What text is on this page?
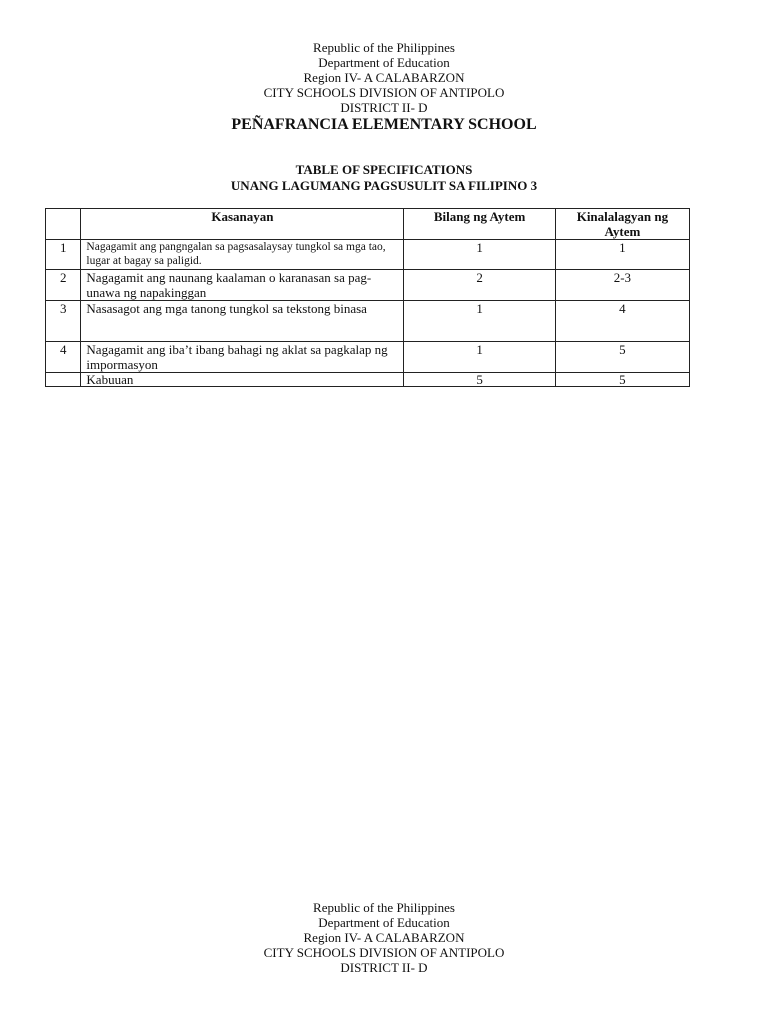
Republic of the Philippines
Department of Education
Region IV- A CALABARZON
CITY SCHOOLS DIVISION OF ANTIPOLO
DISTRICT II- D
PEÑAFRANCIA ELEMENTARY SCHOOL
TABLE OF SPECIFICATIONS
UNANG LAGUMANG PAGSUSULIT SA FILIPINO 3
	Kasanayan	Bilang ng Aytem	Kinalalagyan ng Aytem
1	Nagagamit ang pangngalan sa pagsasalaysay tungkol sa mga tao, lugar at bagay sa paligid.	1	1
2	Nagagamit ang naunang kaalaman o karanasan sa pag-unawa ng napakinggan	2	2-3
3	Nasasagot ang mga tanong tungkol sa tekstong binasa	1	4
4	Nagagamit ang iba’t ibang bahagi ng aklat sa pagkalap ng impormasyon	1	5
	Kabuuan	5	5
Republic of the Philippines
Department of Education
Region IV- A CALABARZON
CITY SCHOOLS DIVISION OF ANTIPOLO
DISTRICT II- D
